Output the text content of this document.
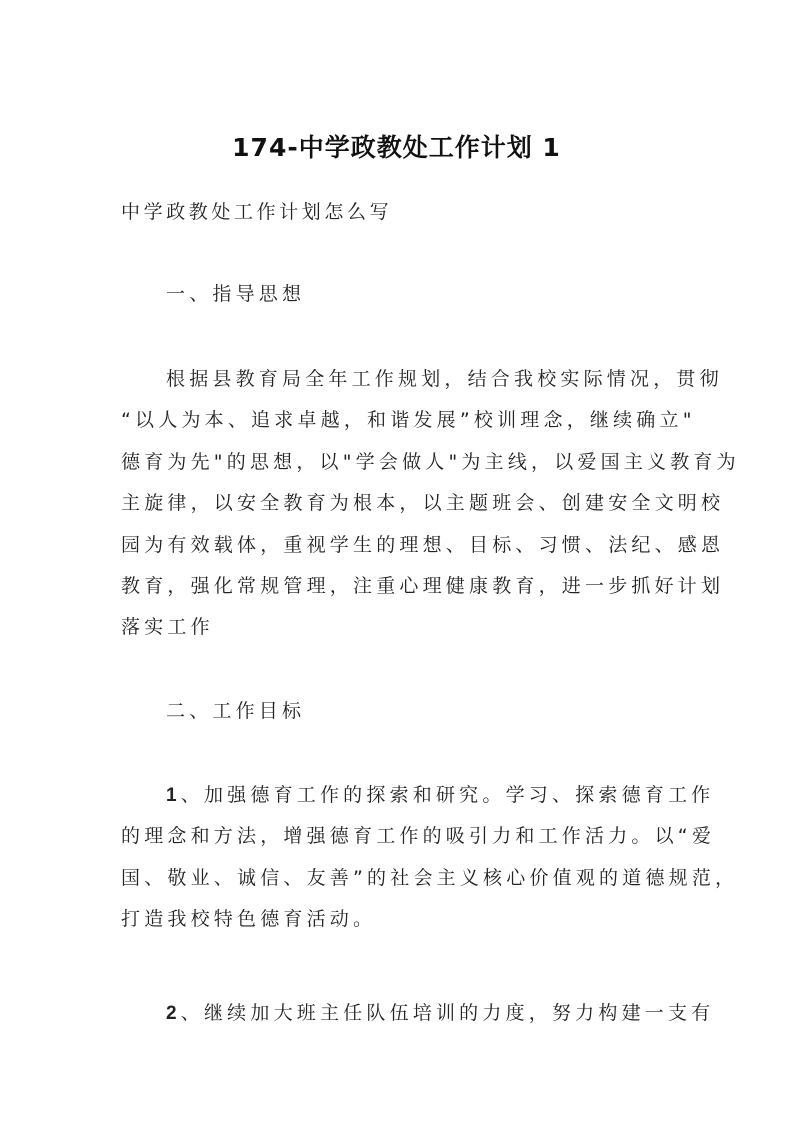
174-中学政教处工作计划 1

中学政教处工作计划怎么写

一、指导思想

根据县教育局全年工作规划，结合我校实际情况，贯彻
“以人为本、追求卓越，和谐发展”校训理念，继续确立"
德育为先"的思想，以"学会做人"为主线，以爱国主义教育为
主旋律，以安全教育为根本，以主题班会、创建安全文明校
园为有效载体，重视学生的理想、目标、习惯、法纪、感恩
教育，强化常规管理，注重心理健康教育，进一步抓好计划
落实工作

二、工作目标

1、加强德育工作的探索和研究。学习、探索德育工作
的理念和方法，增强德育工作的吸引力和工作活力。以“爱
国、敬业、诚信、友善”的社会主义核心价值观的道德规范，
打造我校特色德育活动。
2、继续加大班主任队伍培训的力度，努力构建一支有
